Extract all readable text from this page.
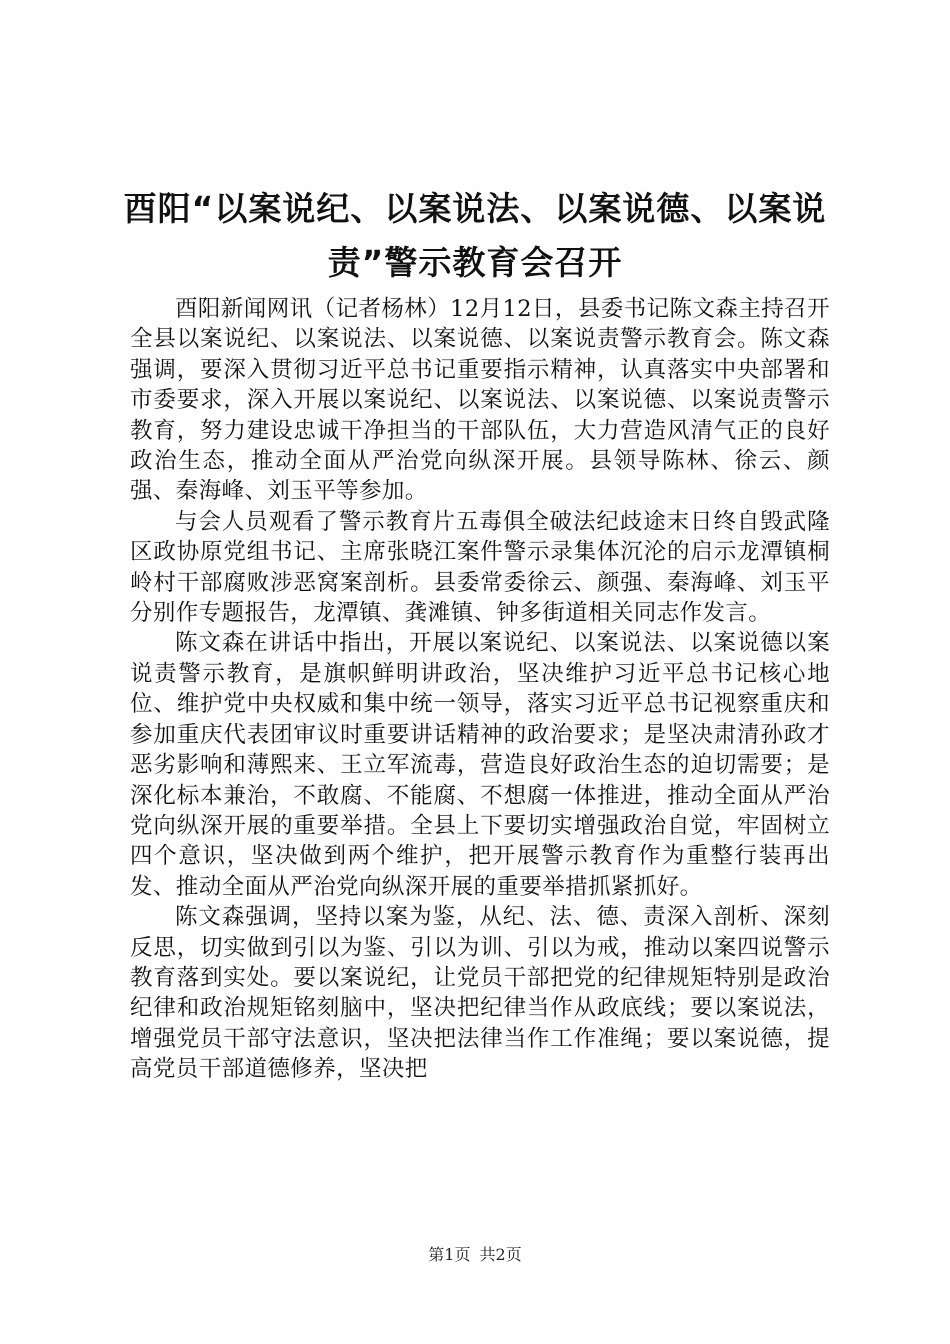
酉阳“以案说纪、以案说法、以案说德、以案说责”警示教育会召开

酉阳新闻网讯（记者杨林）12月12日，县委书记陈文森主持召开全县以案说纪、以案说法、以案说德、以案说责警示教育会。陈文森强调，要深入贯彻习近平总书记重要指示精神，认真落实中央部署和市委要求，深入开展以案说纪、以案说法、以案说德、以案说责警示教育，努力建设忠诚干净担当的干部队伍，大力营造风清气正的良好政治生态，推动全面从严治党向纵深开展。县领导陈林、徐云、颜强、秦海峰、刘玉平等参加。

与会人员观看了警示教育片五毒俱全破法纪歧途末日终自毁武隆区政协原党组书记、主席张晓江案件警示录集体沉沦的启示龙潭镇桐岭村干部腐败涉恶窝案剖析。县委常委徐云、颜强、秦海峰、刘玉平分别作专题报告，龙潭镇、龚滩镇、钟多街道相关同志作发言。

陈文森在讲话中指出，开展以案说纪、以案说法、以案说德以案说责警示教育，是旗帜鲜明讲政治，坚决维护习近平总书记核心地位、维护党中央权威和集中统一领导，落实习近平总书记视察重庆和参加重庆代表团审议时重要讲话精神的政治要求；是坚决肃清孙政才恶劣影响和薄熙来、王立军流毒，营造良好政治生态的迫切需要；是深化标本兼治，不敢腐、不能腐、不想腐一体推进，推动全面从严治党向纵深开展的重要举措。全县上下要切实增强政治自觉，牢固树立四个意识，坚决做到两个维护，把开展警示教育作为重整行装再出发、推动全面从严治党向纵深开展的重要举措抓紧抓好。

陈文森强调，坚持以案为鉴，从纪、法、德、责深入剖析、深刻反思，切实做到引以为鉴、引以为训、引以为戒，推动以案四说警示教育落到实处。要以案说纪，让党员干部把党的纪律规矩特别是政治纪律和政治规矩铭刻脑中，坚决把纪律当作从政底线；要以案说法，增强党员干部守法意识，坚决把法律当作工作准绳；要以案说德，提高党员干部道德修养，坚决把

第1页 共2页
